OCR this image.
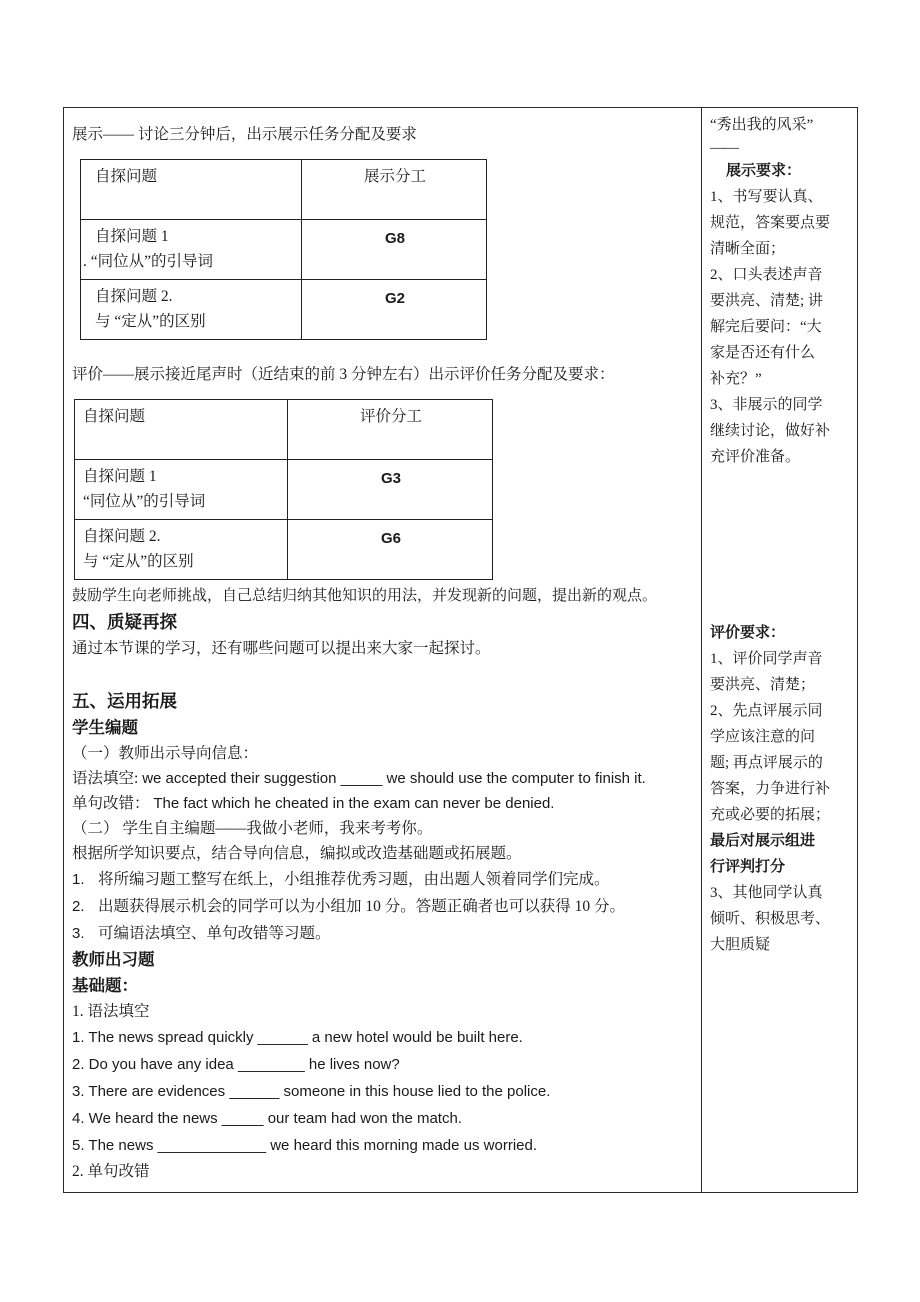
展示—— 讨论三分钟后，出示展示任务分配及要求
自探问题	展示分工

自探问题 1
. “同位从”的引导词
	G8

自探问题 2.
与 “定从”的区别
	G2
评价——展示接近尾声时（近结束的前 3 分钟左右）出示评价任务分配及要求：
自探问题	评价分工

自探问题 1
“同位从”的引导词
	G3

自探问题 2.
与 “定从”的区别
	G6
鼓励学生向老师挑战，自己总结归纳其他知识的用法，并发现新的问题，提出新的观点。
四、质疑再探
通过本节课的学习，还有哪些问题可以提出来大家一起探讨。
五、运用拓展
学生编题
（一）教师出示导向信息：
语法填空: we accepted their suggestion _____ we should use the computer to finish it.
单句改错： The fact which he cheated in the exam can never be denied.
（二） 学生自主编题——我做小老师，我来考考你。
根据所学知识要点，结合导向信息，编拟或改造基础题或拓展题。
1. 将所编习题工整写在纸上，小组推荐优秀习题，由出题人领着同学们完成。
2. 出题获得展示机会的同学可以为小组加 10 分。答题正确者也可以获得 10 分。
3. 可编语法填空、单句改错等习题。
教师出习题
基础题：
1. 语法填空
1. The news spread quickly ______ a new hotel would be built here.
2. Do you have any idea ________ he lives now?
3. There are evidences ______ someone in this house lied to the police.
4. We heard the news _____ our team had won the match.
5. The news _____________ we heard this morning made us worried.
2. 单句改错

“秀出我的风采”
——
展示要求：
1、书写要认真、
规范，答案要点要
清晰全面；
2、口头表述声音
要洪亮、清楚; 讲
解完后要问：“大
家是否还有什么
补充？”
3、非展示的同学
继续讨论，做好补
充评价准备。
评价要求：
1、评价同学声音
要洪亮、清楚；
2、先点评展示同
学应该注意的问
题; 再点评展示的
答案，力争进行补
充或必要的拓展；
最后对展示组进
行评判打分
3、其他同学认真
倾听、积极思考、
大胆质疑
